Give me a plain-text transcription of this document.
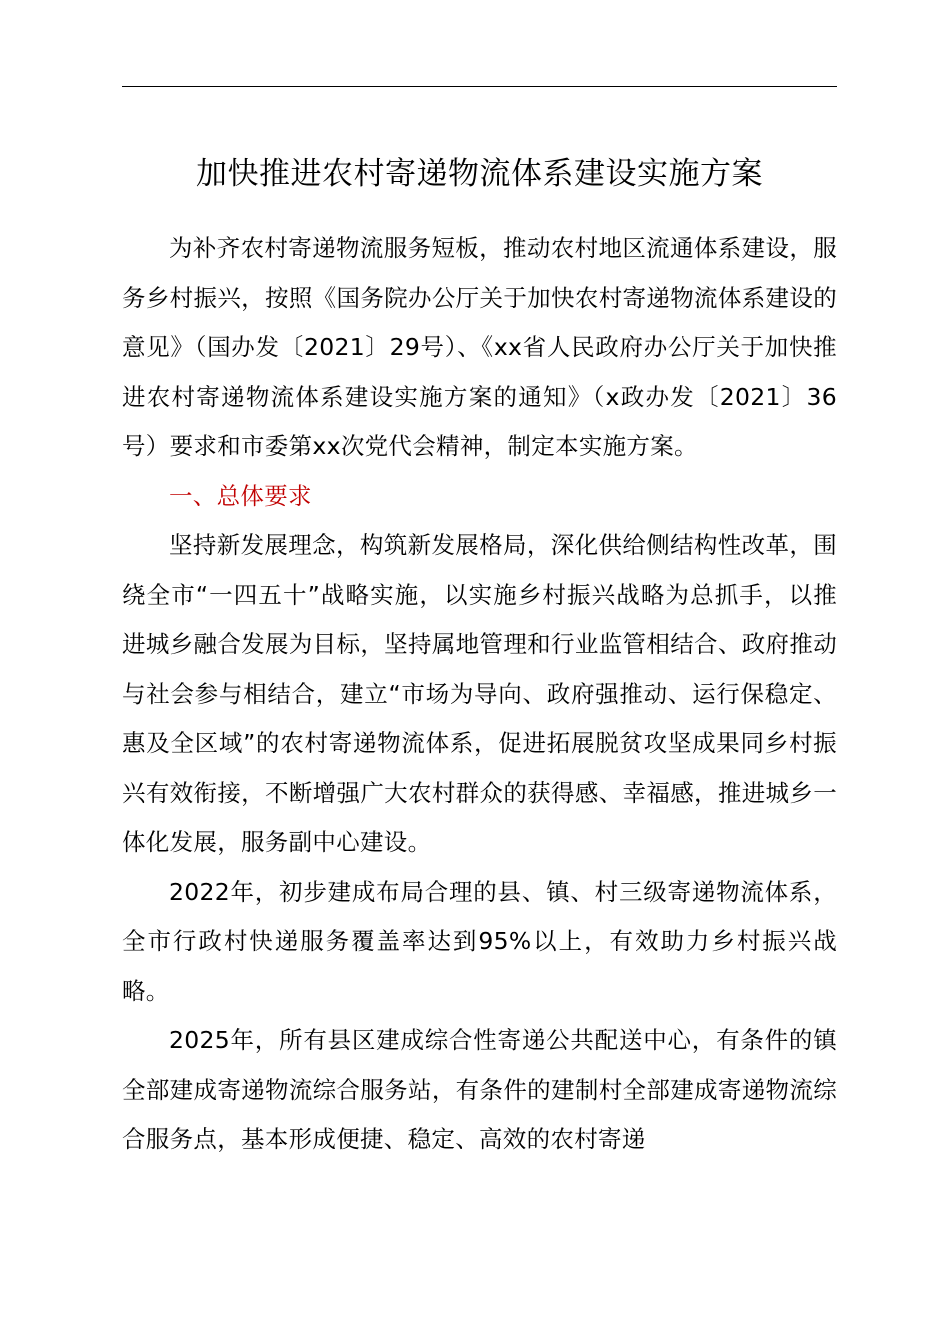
加快推进农村寄递物流体系建设实施方案

为补齐农村寄递物流服务短板，推动农村地区流通体系建设，服务乡村振兴，按照《国务院办公厅关于加快农村寄递物流体系建设的意见》（国办发〔2021〕29号）、《xx省人民政府办公厅关于加快推进农村寄递物流体系建设实施方案的通知》（x政办发〔2021〕36号）要求和市委第xx次党代会精神，制定本实施方案。

一、总体要求

坚持新发展理念，构筑新发展格局，深化供给侧结构性改革，围绕全市“一四五十”战略实施，以实施乡村振兴战略为总抓手，以推进城乡融合发展为目标，坚持属地管理和行业监管相结合、政府推动与社会参与相结合，建立“市场为导向、政府强推动、运行保稳定、惠及全区域”的农村寄递物流体系，促进拓展脱贫攻坚成果同乡村振兴有效衔接，不断增强广大农村群众的获得感、幸福感，推进城乡一体化发展，服务副中心建设。

2022年，初步建成布局合理的县、镇、村三级寄递物流体系，全市行政村快递服务覆盖率达到95%以上，有效助力乡村振兴战略。

2025年，所有县区建成综合性寄递公共配送中心，有条件的镇全部建成寄递物流综合服务站，有条件的建制村全部建成寄递物流综合服务点，基本形成便捷、稳定、高效的农村寄递
